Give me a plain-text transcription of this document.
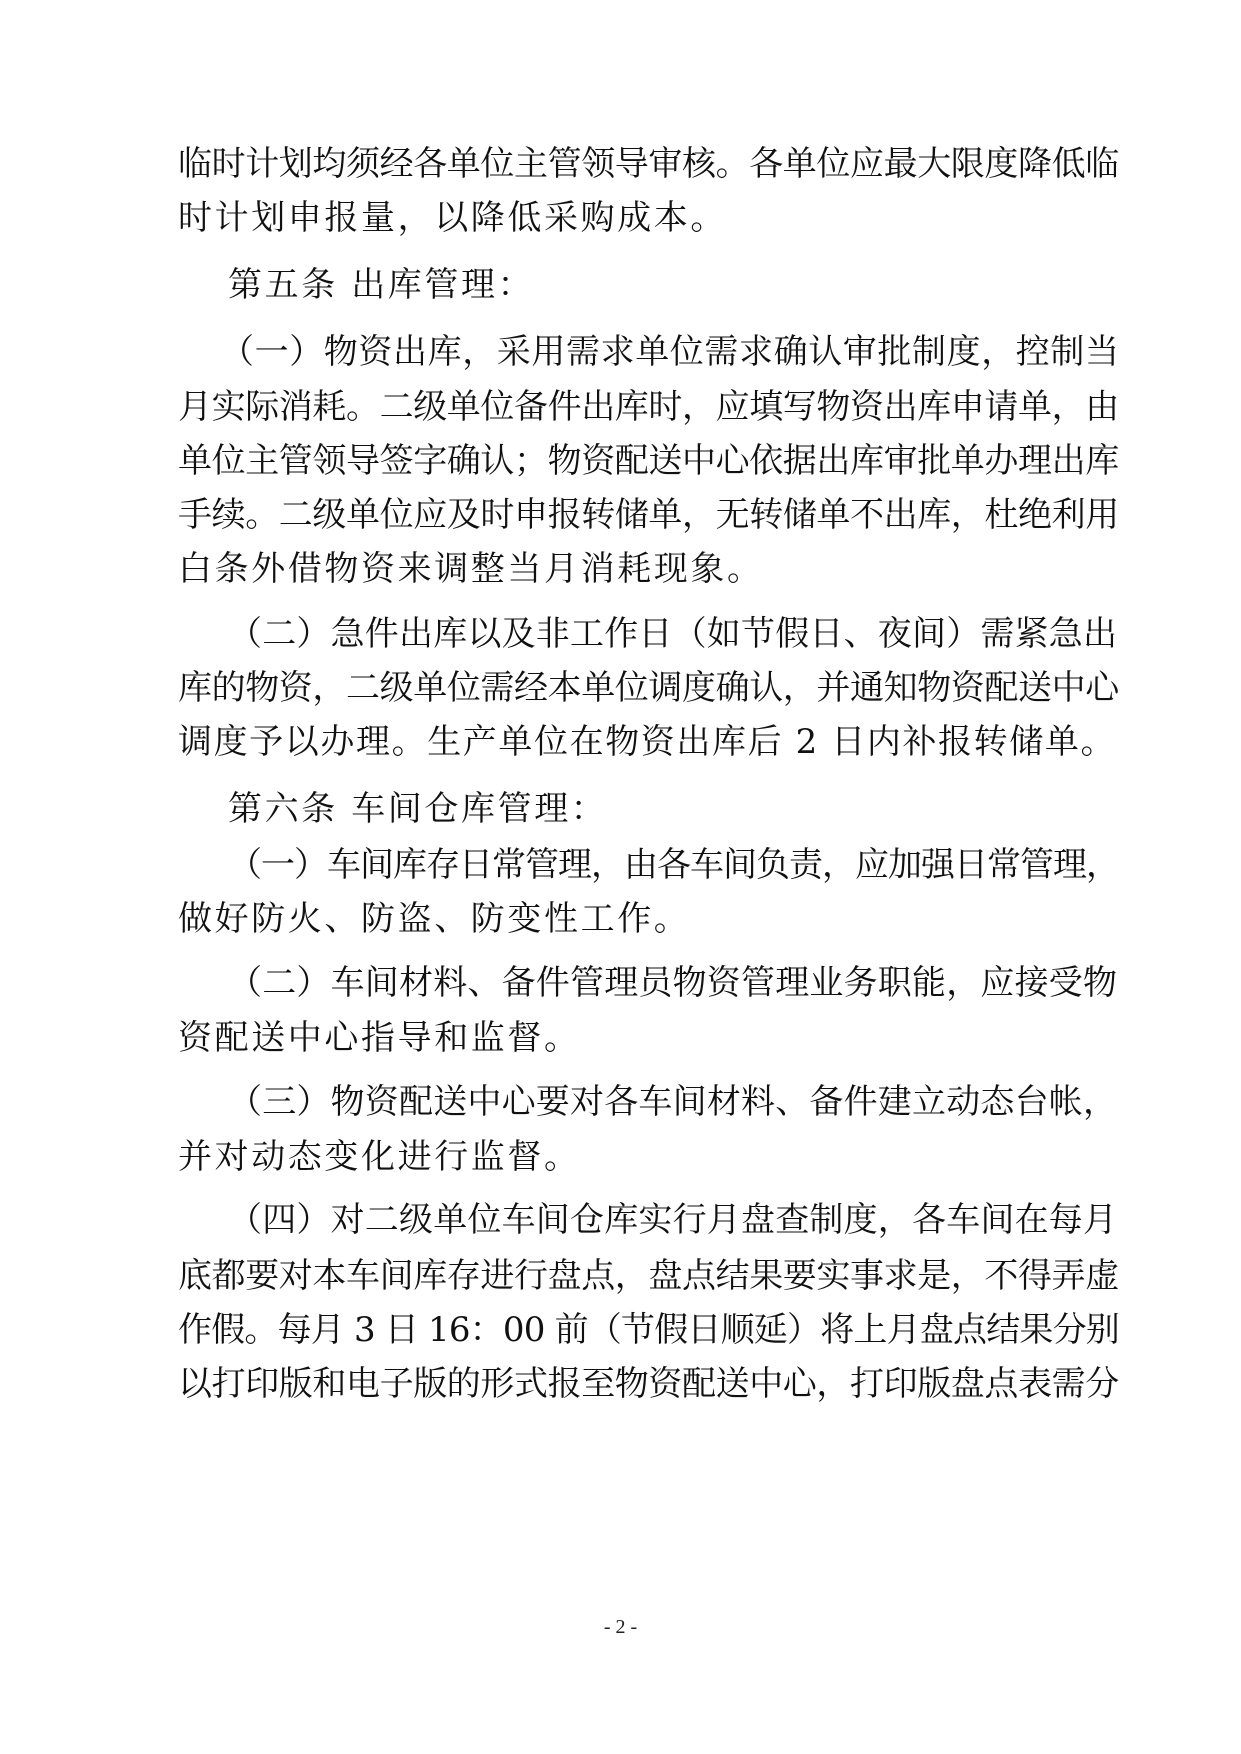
临时计划均须经各单位主管领导审核。各单位应最大限度降低临
时计划申报量，以降低采购成本。
第五条 出库管理：
（一）物资出库，采用需求单位需求确认审批制度，控制当
月实际消耗。二级单位备件出库时，应填写物资出库申请单，由
单位主管领导签字确认；物资配送中心依据出库审批单办理出库
手续。二级单位应及时申报转储单，无转储单不出库，杜绝利用
白条外借物资来调整当月消耗现象。
（二）急件出库以及非工作日（如节假日、夜间）需紧急出
库的物资，二级单位需经本单位调度确认，并通知物资配送中心
调度予以办理。生产单位在物资出库后 2 日内补报转储单。
第六条 车间仓库管理：
（一）车间库存日常管理，由各车间负责，应加强日常管理，
做好防火、防盗、防变性工作。
（二）车间材料、备件管理员物资管理业务职能，应接受物
资配送中心指导和监督。
（三）物资配送中心要对各车间材料、备件建立动态台帐，
并对动态变化进行监督。
（四）对二级单位车间仓库实行月盘查制度，各车间在每月
底都要对本车间库存进行盘点，盘点结果要实事求是，不得弄虚
作假。每月 3 日 16：00 前（节假日顺延）将上月盘点结果分别
以打印版和电子版的形式报至物资配送中心，打印版盘点表需分
- 2 -
